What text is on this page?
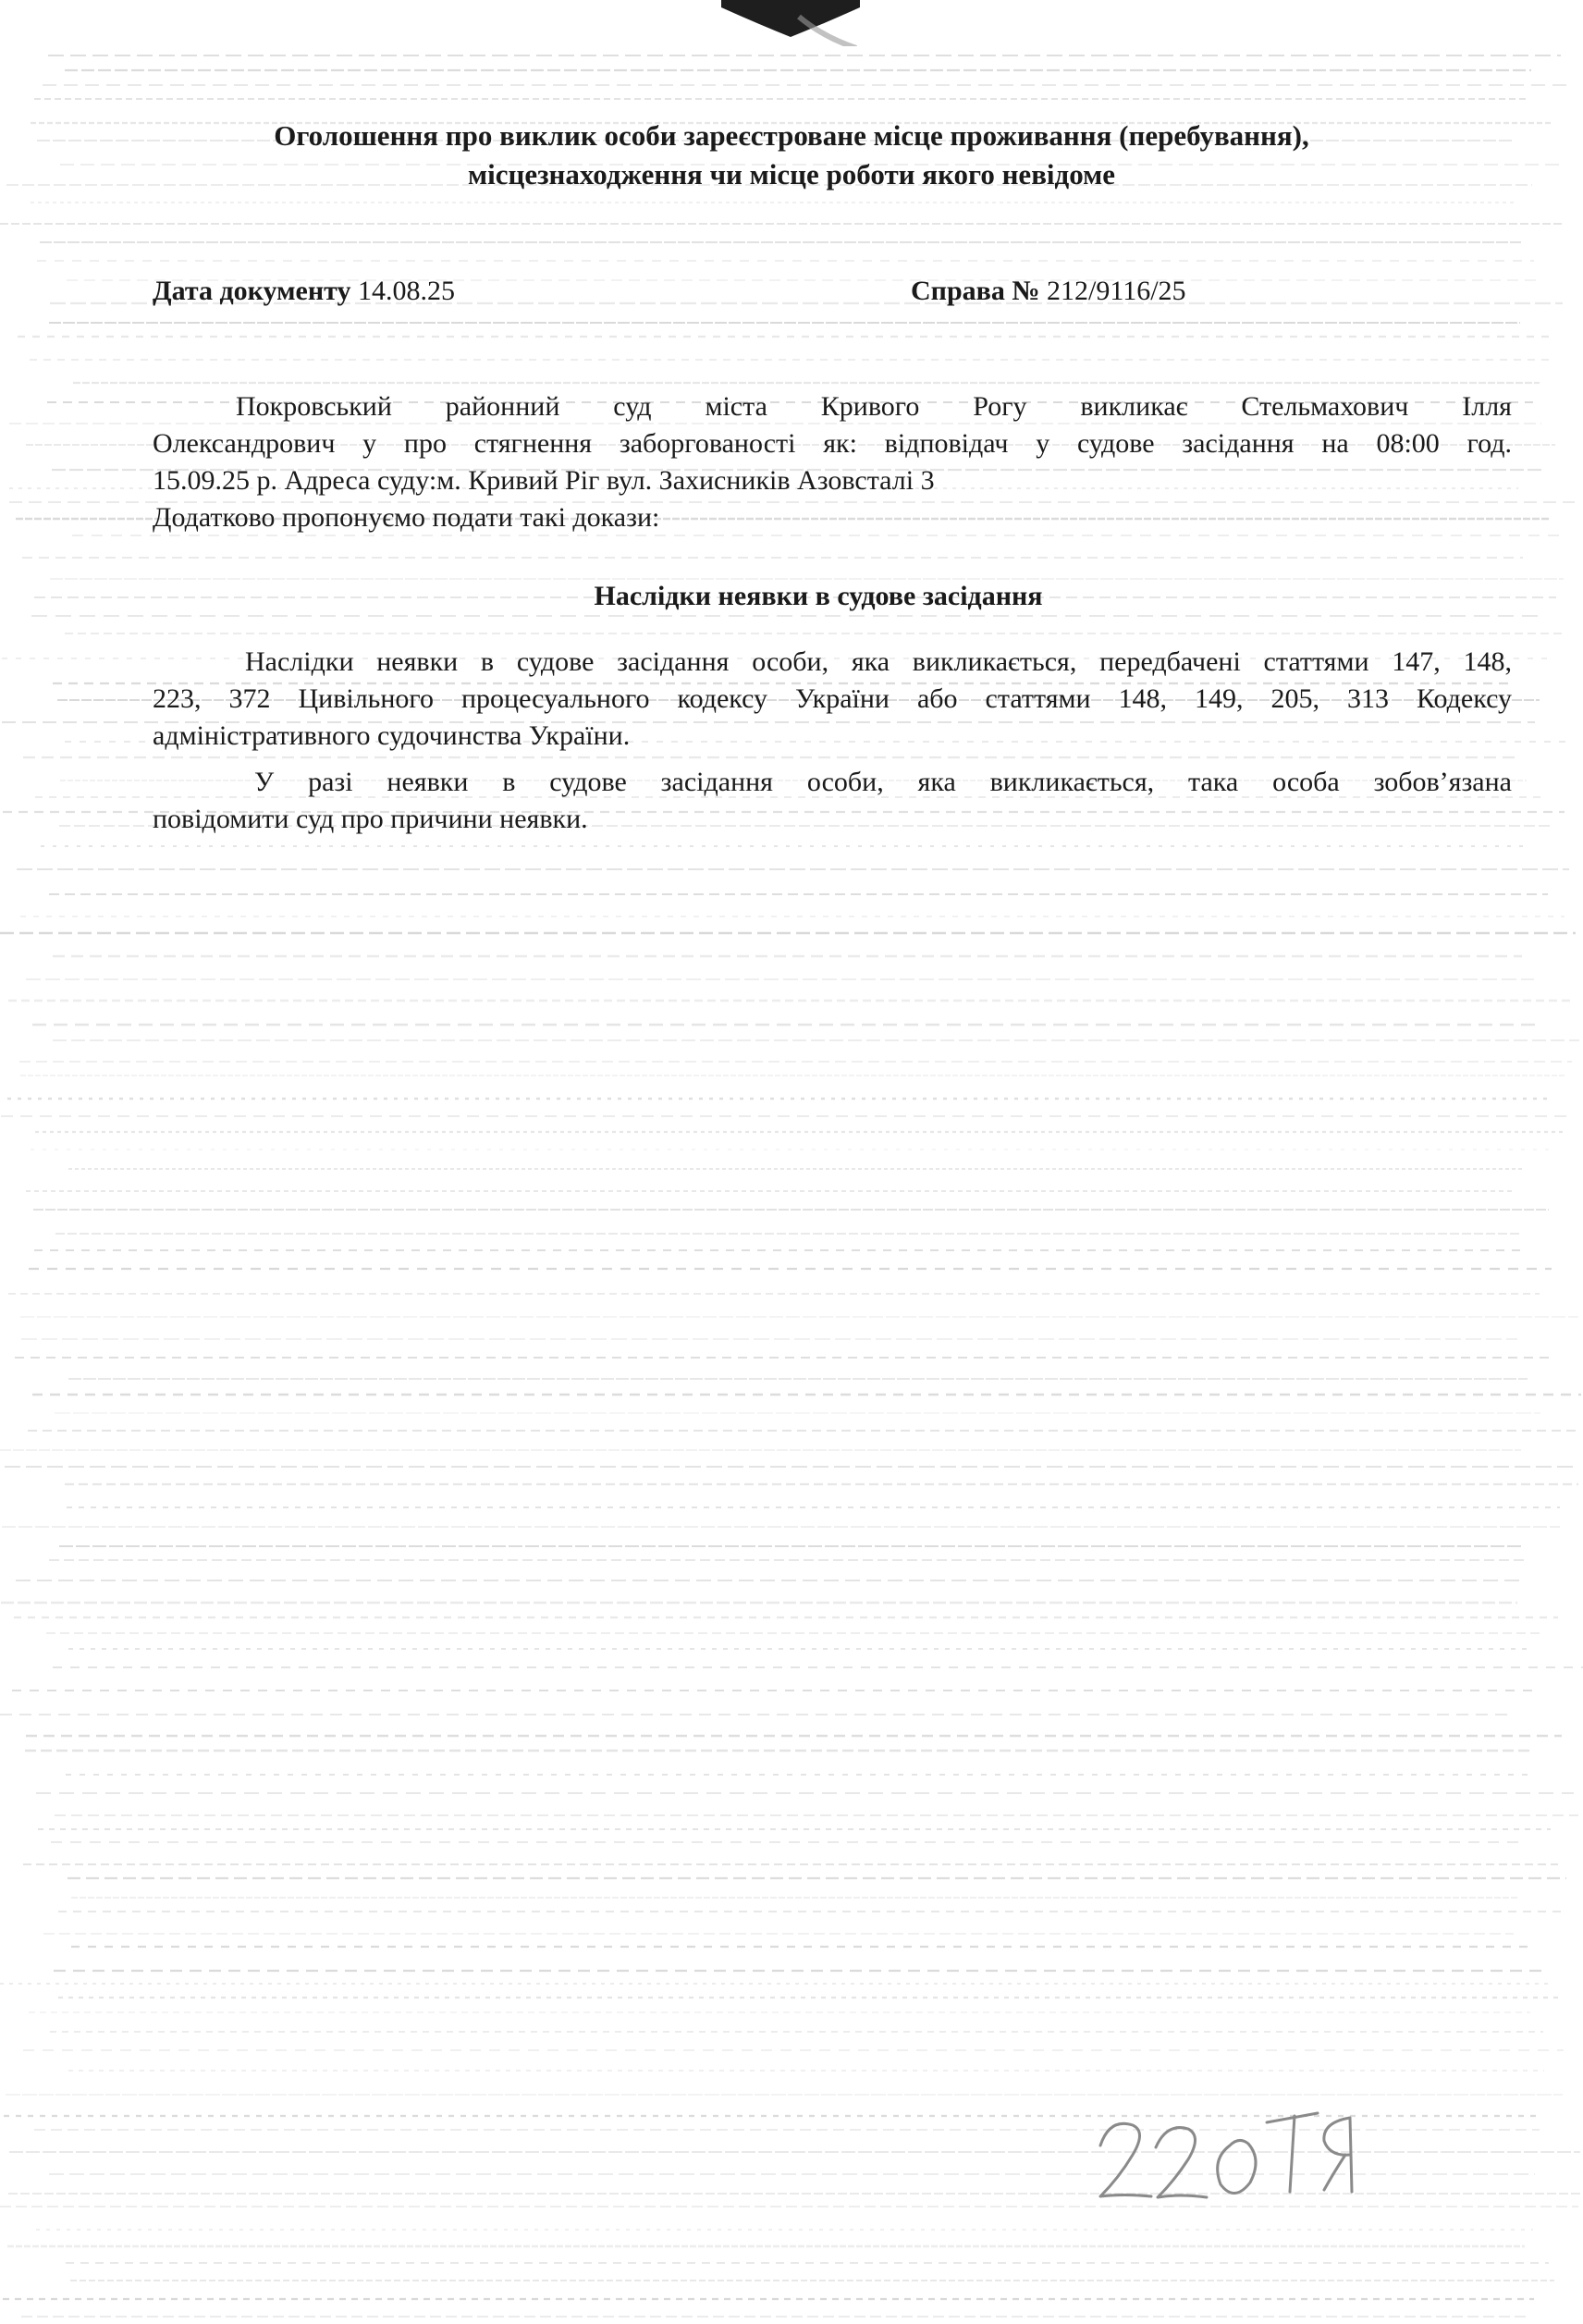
Оголошення про виклик особи зареєстроване місце проживання (перебування),
місцезнаходження чи місце роботи якого невідоме
Дата документу 14.08.25	Справа № 212/9116/25
Покровський районний суд міста Кривого Рогу викликає Стельмахович Ілля
Олександрович у про стягнення заборгованості як: відповідач у судове засідання на 08:00 год.
15.09.25 р. Адреса суду:м. Кривий Ріг вул. Захисників Азовсталі 3
Додатково пропонуємо подати такі докази:
Наслідки неявки в судове засідання
Наслідки неявки в судове засідання особи, яка викликається, передбачені статтями 147, 148,
223, 372 Цивільного процесуального кодексу України або статтями 148, 149, 205, 313 Кодексу
адміністративного судочинства України.
У разі неявки в судове засідання особи, яка викликається, така особа зобов’язана
повідомити суд про причини неявки.
